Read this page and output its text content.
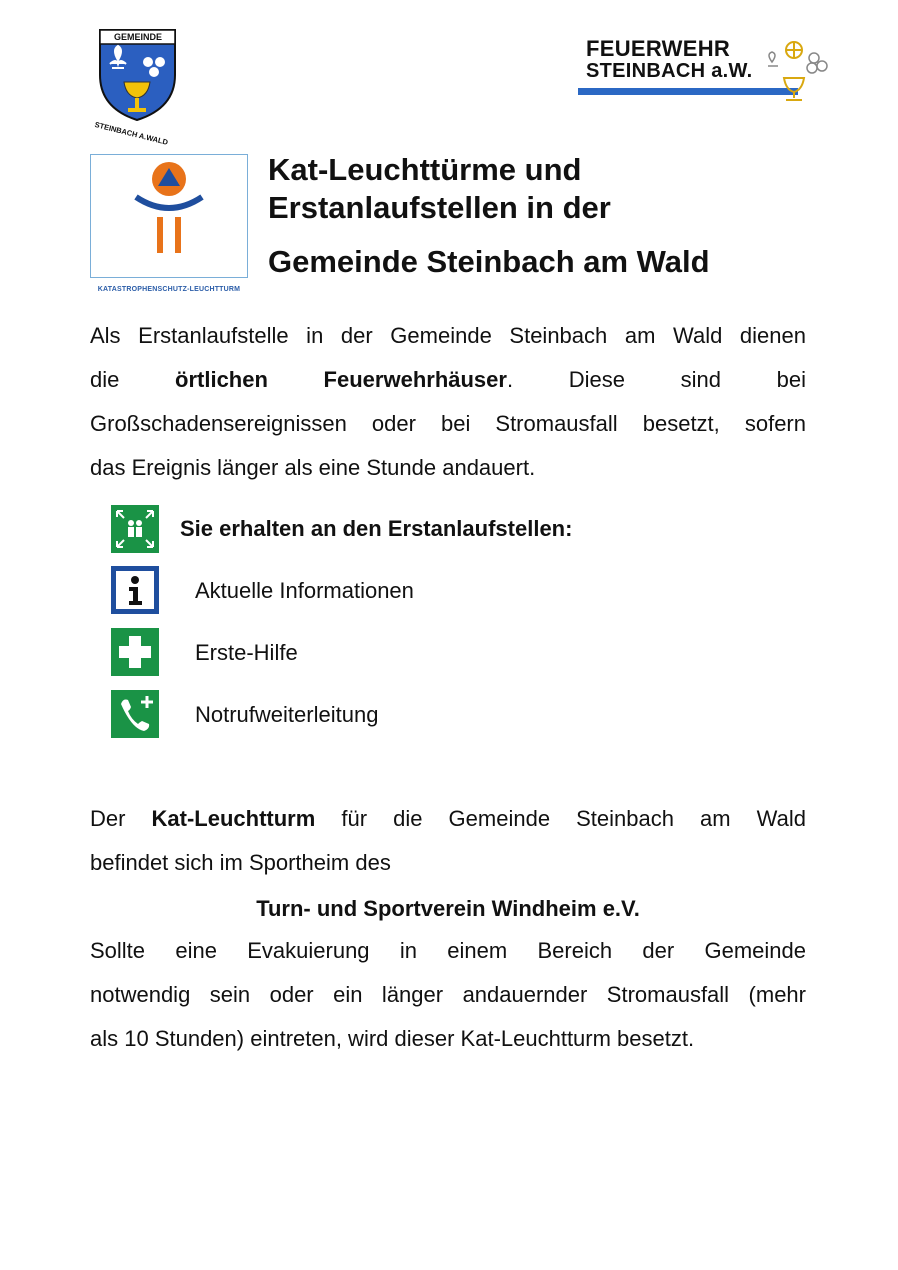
GEMEINDE
STEINBACH A.WALD
FEUERWEHR
STEINBACH a.W.
KATASTROPHENSCHUTZ-LEUCHTTURM
Kat-Leuchttürme und
Erstanlaufstellen in der
Gemeinde Steinbach am Wald
Als Erstanlaufstelle in der Gemeinde Steinbach am Wald dienen
die	örtlichen Feuerwehrhäuser. Diese sind bei
Großschadensereignissen oder bei Stromausfall besetzt, sofern
das Ereignis länger als eine Stunde andauert.
Sie erhalten an den Erstanlaufstellen:
Aktuelle Informationen
Erste-Hilfe
Notrufweiterleitung
Der Kat-Leuchtturm für die Gemeinde Steinbach am Wald
befindet sich im Sportheim des
Turn- und Sportverein Windheim e.V.
Sollte eine Evakuierung in einem Bereich der Gemeinde
notwendig sein oder ein länger andauernder Stromausfall (mehr
als 10 Stunden) eintreten, wird dieser Kat-Leuchtturm besetzt.
